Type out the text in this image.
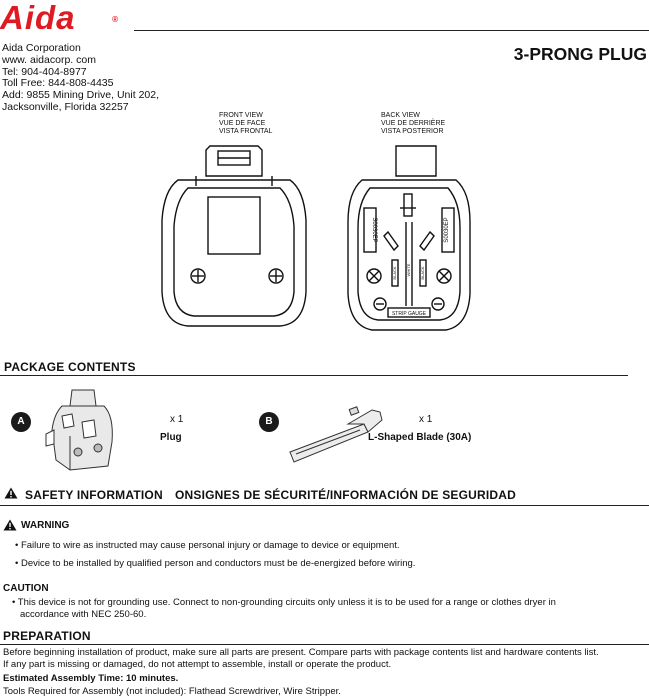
Aida	®
Aida Corporation
www. aidacorp. com
Tel: 904-404-8977
Toll Free: 844-808-4435
Add: 9855 Mining Drive, Unit 202,
Jacksonville, Florida 32257
3-PRONG PLUG
FRONT VIEW
VUE DE FACE
VISTA FRONTAL
BACK VIEW
VUE DE DERRIÈRE
VISTA POSTERIOR
S0030EP	S0030EP
BLACK WHITE BLACK
STRIP GAUGE
PACKAGE CONTENTS
A	x 1
Plug
B	x 1
L-Shaped Blade (30A)
SAFETY INFORMATION ONSIGNES DE SÉCURITÉ/INFORMACIÓN DE SEGURIDAD
WARNING
• Failure to wire as instructed may cause personal injury or damage to device or equipment.
• Device to be installed by qualified person and conductors must be de-energized before wiring.
CAUTION
• This device is not for grounding use. Connect to non-grounding circuits only unless it is to be used for a range or clothes dryer in
accordance with NEC 250-60.
PREPARATION
Before beginning installation of product, make sure all parts are present. Compare parts with package contents list and hardware contents list.
If any part is missing or damaged, do not attempt to assemble, install or operate the product.
Estimated Assembly Time: 10 minutes.
Tools Required for Assembly (not included): Flathead Screwdriver, Wire Stripper.
